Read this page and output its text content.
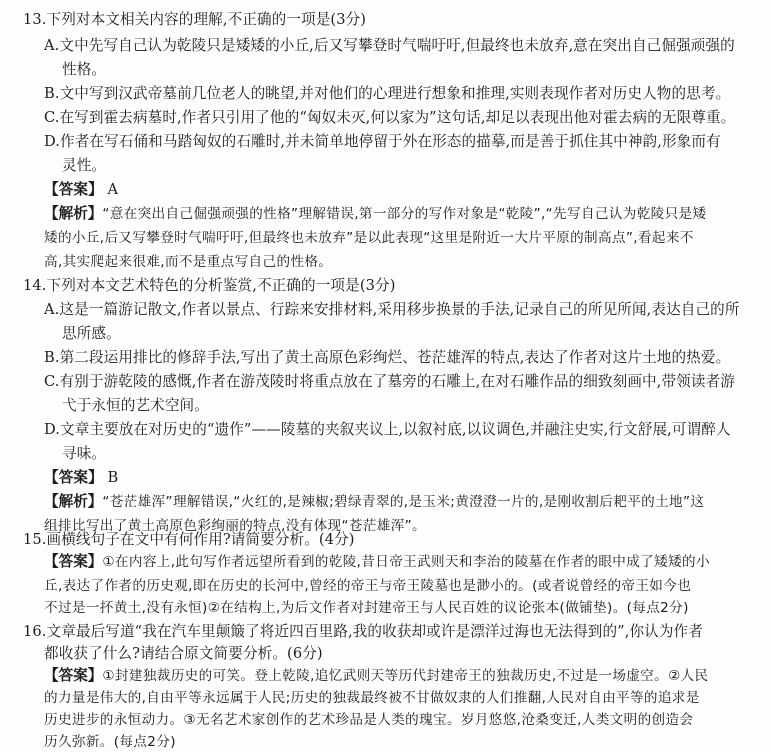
13.下列对本文相关内容的理解,不正确的一项是(3分)
A.文中先写自己认为乾陵只是矮矮的小丘,后又写攀登时气喘吁吁,但最终也未放弃,意在突出自己倔强顽强的
性格。
B.文中写到汉武帝墓前几位老人的眺望,并对他们的心理进行想象和推理,实则表现作者对历史人物的思考。
C.在写到霍去病墓时,作者只引用了他的“匈奴未灭,何以家为”这句话,却足以表现出他对霍去病的无限尊重。
D.作者在写石俑和马踏匈奴的石雕时,并未简单地停留于外在形态的描摹,而是善于抓住其中神韵,形象而有
灵性。
【答案】 A
【解析】“意在突出自己倔强顽强的性格”理解错误,第一部分的写作对象是“乾陵”,“先写自己认为乾陵只是矮
矮的小丘,后又写攀登时气喘吁吁,但最终也未放弃”是以此表现“这里是附近一大片平原的制高点”,看起来不
高,其实爬起来很难,而不是重点写自己的性格。
14.下列对本文艺术特色的分析鉴赏,不正确的一项是(3分)
A.这是一篇游记散文,作者以景点、行踪来安排材料,采用移步换景的手法,记录自己的所见所闻,表达自己的所
思所感。
B.第二段运用排比的修辞手法,写出了黄土高原色彩绚烂、苍茫雄浑的特点,表达了作者对这片土地的热爱。
C.有别于游乾陵的感慨,作者在游茂陵时将重点放在了墓旁的石雕上,在对石雕作品的细致刻画中,带领读者游
弋于永恒的艺术空间。
D.文章主要放在对历史的“遗作”——陵墓的夹叙夹议上,以叙衬底,以议调色,并融注史实,行文舒展,可谓醉人
寻味。
【答案】 B
【解析】“苍茫雄浑”理解错误,“火红的,是辣椒;碧绿青翠的,是玉米;黄澄澄一片的,是刚收割后耙平的土地”这
组排比写出了黄土高原色彩绚丽的特点,没有体现“苍茫雄浑”。
15.画横线句子在文中有何作用?请简要分析。(4分)
【答案】①在内容上,此句写作者远望所看到的乾陵,昔日帝王武则天和李治的陵墓在作者的眼中成了矮矮的小
丘,表达了作者的历史观,即在历史的长河中,曾经的帝王与帝王陵墓也是渺小的。(或者说曾经的帝王如今也
不过是一抔黄土,没有永恒)②在结构上,为后文作者对封建帝王与人民百姓的议论张本(做铺垫)。(每点2分)
16.文章最后写道“我在汽车里颠簸了将近四百里路,我的收获却或许是漂洋过海也无法得到的”,你认为作者
都收获了什么?请结合原文简要分析。(6分)
【答案】①封建独裁历史的可笑。登上乾陵,追忆武则天等历代封建帝王的独裁历史,不过是一场虚空。②人民
的力量是伟大的,自由平等永远属于人民;历史的独裁最终被不甘做奴隶的人们推翻,人民对自由平等的追求是
历史进步的永恒动力。③无名艺术家创作的艺术珍品是人类的瑰宝。岁月悠悠,沧桑变迁,人类文明的创造会
历久弥新。(每点2分)
